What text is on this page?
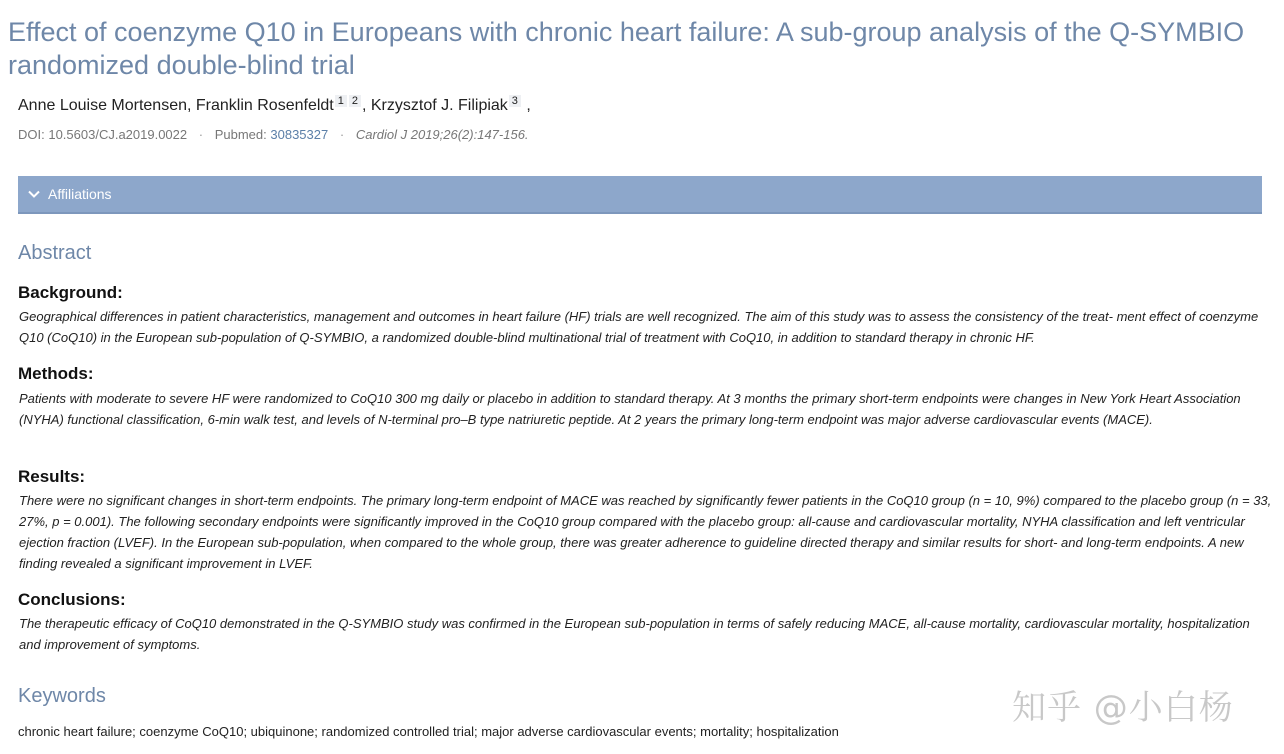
Effect of coenzyme Q10 in Europeans with chronic heart failure: A sub-group analysis of the Q-SYMBIO randomized double-blind trial
Anne Louise Mortensen, Franklin Rosenfeldt $^1$ $^2$ , Krzysztof J. Filipiak $^3$ ,
DOI: 10.5603/CJ.a2019.0022 · Pubmed: 30835327 · Cardiol J 2019;26(2):147-156.
Affiliations
Abstract
Background:

Geographical differences in patient characteristics, management and outcomes in heart failure (HF) trials are well recognized. The aim of this study was to assess the consistency of the treat- ment effect of coenzyme Q10 (CoQ10) in the European sub-population of Q-SYMBIO, a randomized double-blind multinational trial of treatment with CoQ10, in addition to standard therapy in chronic HF.

Methods:

Patients with moderate to severe HF were randomized to CoQ10 300 mg daily or placebo in addition to standard therapy. At 3 months the primary short-term endpoints were changes in New York Heart Association (NYHA) functional classification, 6-min walk test, and levels of N-terminal pro–B type natriuretic peptide. At 2 years the primary long-term endpoint was major adverse cardiovascular events (MACE).

Results:

There were no significant changes in short-term endpoints. The primary long-term endpoint of MACE was reached by significantly fewer patients in the CoQ10 group (n = 10, 9%) compared to the placebo group (n = 33, 27%, p = 0.001). The following secondary endpoints were significantly improved in the CoQ10 group compared with the placebo group: all-cause and cardiovascular mortality, NYHA classification and left ventricular ejection fraction (LVEF). In the European sub-population, when compared to the whole group, there was greater adherence to guideline directed therapy and similar results for short- and long-term endpoints. A new finding revealed a significant improvement in LVEF.

Conclusions:

The therapeutic efficacy of CoQ10 demonstrated in the Q-SYMBIO study was confirmed in the European sub-population in terms of safely reducing MACE, all-cause mortality, cardiovascular mortality, hospitalization and improvement of symptoms.

Keywords
chronic heart failure; coenzyme CoQ10; ubiquinone; randomized controlled trial; major adverse cardiovascular events; mortality; hospitalization
知乎 @小白杨
